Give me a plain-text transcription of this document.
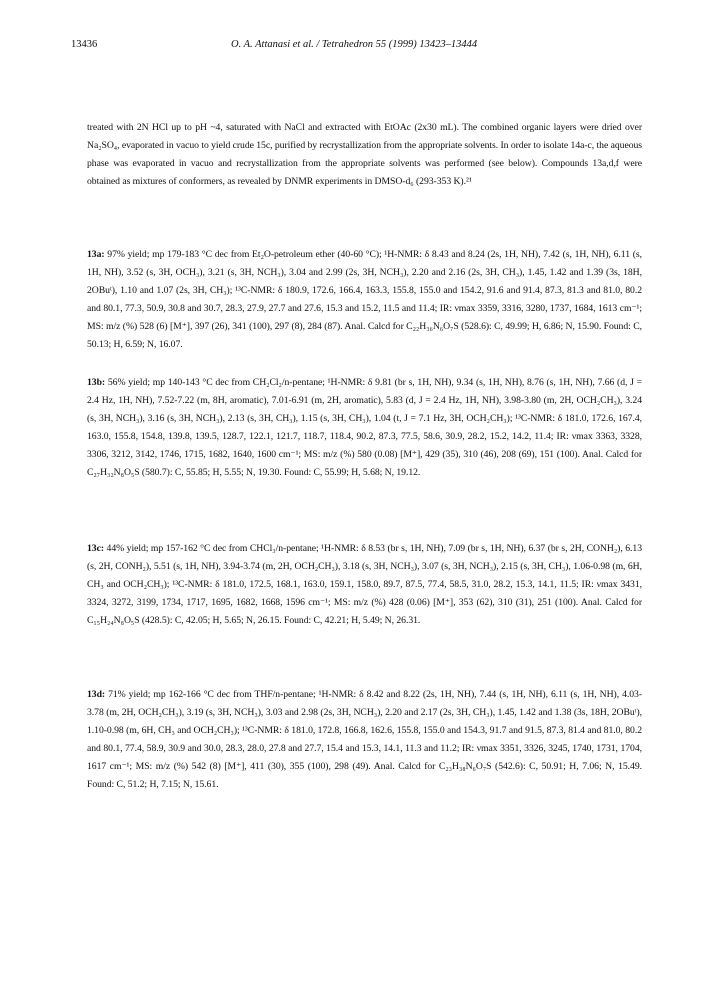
13436	O. A. Attanasi et al. / Tetrahedron 55 (1999) 13423–13444

treated with 2N HCl up to pH ~4, saturated with NaCl and extracted with EtOAc (2x30 mL). The combined organic layers were dried over Na₂SO₄, evaporated in vacuo to yield crude 15c, purified by recrystallization from the appropriate solvents. In order to isolate 14a-c, the aqueous phase was evaporated in vacuo and recrystallization from the appropriate solvents was performed (see below). Compounds 13a,d,f were obtained as mixtures of conformers, as revealed by DNMR experiments in DMSO-d₆ (293-353 K).²¹

13a: 97% yield; mp 179-183 °C dec from Et₂O-petroleum ether (40-60 °C); ¹H-NMR: δ 8.43 and 8.24 (2s, 1H, NH), 7.42 (s, 1H, NH), 6.11 (s, 1H, NH), 3.52 (s, 3H, OCH₃), 3.21 (s, 3H, NCH₃), 3.04 and 2.99 (2s, 3H, NCH₃), 2.20 and 2.16 (2s, 3H, CH₃), 1.45, 1.42 and 1.39 (3s, 18H, 2OBuᵗ), 1.10 and 1.07 (2s, 3H, CH₃); ¹³C-NMR: δ 180.9, 172.6, 166.4, 163.3, 155.8, 155.0 and 154.2, 91.6 and 91.4, 87.3, 81.3 and 81.0, 80.2 and 80.1, 77.3, 50.9, 30.8 and 30.7, 28.3, 27.9, 27.7 and 27.6, 15.3 and 15.2, 11.5 and 11.4; IR: νmax 3359, 3316, 3280, 1737, 1684, 1613 cm⁻¹; MS: m/z (%) 528 (6) [M⁺], 397 (26), 341 (100), 297 (8), 284 (87). Anal. Calcd for C₂₂H₃₆N₆O₇S (528.6): C, 49.99; H, 6.86; N, 15.90. Found: C, 50.13; H, 6.59; N, 16.07.

13b: 56% yield; mp 140-143 °C dec from CH₂Cl₂/n-pentane; ¹H-NMR: δ 9.81 (br s, 1H, NH), 9.34 (s, 1H, NH), 8.76 (s, 1H, NH), 7.66 (d, J = 2.4 Hz, 1H, NH), 7.52-7.22 (m, 8H, aromatic), 7.01-6.91 (m, 2H, aromatic), 5.83 (d, J = 2.4 Hz, 1H, NH), 3.98-3.80 (m, 2H, OCH₂CH₃), 3.24 (s, 3H, NCH₃), 3.16 (s, 3H, NCH₃), 2.13 (s, 3H, CH₃), 1.15 (s, 3H, CH₃), 1.04 (t, J = 7.1 Hz, 3H, OCH₂CH₃); ¹³C-NMR: δ 181.0, 172.6, 167.4, 163.0, 155.8, 154.8, 139.8, 139.5, 128.7, 122.1, 121.7, 118.7, 118.4, 90.2, 87.3, 77.5, 58.6, 30.9, 28.2, 15.2, 14.2, 11.4; IR: νmax 3363, 3328, 3306, 3212, 3142, 1746, 1715, 1682, 1640, 1600 cm⁻¹; MS: m/z (%) 580 (0.08) [M⁺], 429 (35), 310 (46), 208 (69), 151 (100). Anal. Calcd for C₂₇H₃₂N₈O₅S (580.7): C, 55.85; H, 5.55; N, 19.30. Found: C, 55.99; H, 5.68; N, 19.12.

13c: 44% yield; mp 157-162 °C dec from CHCl₃/n-pentane; ¹H-NMR: δ 8.53 (br s, 1H, NH), 7.09 (br s, 1H, NH), 6.37 (br s, 2H, CONH₂), 6.13 (s, 2H, CONH₂), 5.51 (s, 1H, NH), 3.94-3.74 (m, 2H, OCH₂CH₃), 3.18 (s, 3H, NCH₃), 3.07 (s, 3H, NCH₃), 2.15 (s, 3H, CH₃), 1.06-0.98 (m, 6H, CH₃ and OCH₂CH₃); ¹³C-NMR: δ 181.0, 172.5, 168.1, 163.0, 159.1, 158.0, 89.7, 87.5, 77.4, 58.5, 31.0, 28.2, 15.3, 14.1, 11.5; IR: νmax 3431, 3324, 3272, 3199, 1734, 1717, 1695, 1682, 1668, 1596 cm⁻¹; MS: m/z (%) 428 (0.06) [M⁺], 353 (62), 310 (31), 251 (100). Anal. Calcd for C₁₅H₂₄N₈O₅S (428.5): C, 42.05; H, 5.65; N, 26.15. Found: C, 42.21; H, 5.49; N, 26.31.

13d: 71% yield; mp 162-166 °C dec from THF/n-pentane; ¹H-NMR: δ 8.42 and 8.22 (2s, 1H, NH), 7.44 (s, 1H, NH), 6.11 (s, 1H, NH), 4.03-3.78 (m, 2H, OCH₂CH₃), 3.19 (s, 3H, NCH₃), 3.03 and 2.98 (2s, 3H, NCH₃), 2.20 and 2.17 (2s, 3H, CH₃), 1.45, 1.42 and 1.38 (3s, 18H, 2OBuᵗ), 1.10-0.98 (m, 6H, CH₃ and OCH₂CH₃); ¹³C-NMR: δ 181.0, 172.8, 166.8, 162.6, 155.8, 155.0 and 154.3, 91.7 and 91.5, 87.3, 81.4 and 81.0, 80.2 and 80.1, 77.4, 58.9, 30.9 and 30.0, 28.3, 28.0, 27.8 and 27.7, 15.4 and 15.3, 14.1, 11.3 and 11.2; IR: νmax 3351, 3326, 3245, 1740, 1731, 1704, 1617 cm⁻¹; MS: m/z (%) 542 (8) [M⁺], 411 (30), 355 (100), 298 (49). Anal. Calcd for C₂₃H₃₈N₆O₇S (542.6): C, 50.91; H, 7.06; N, 15.49. Found: C, 51.2; H, 7.15; N, 15.61.
